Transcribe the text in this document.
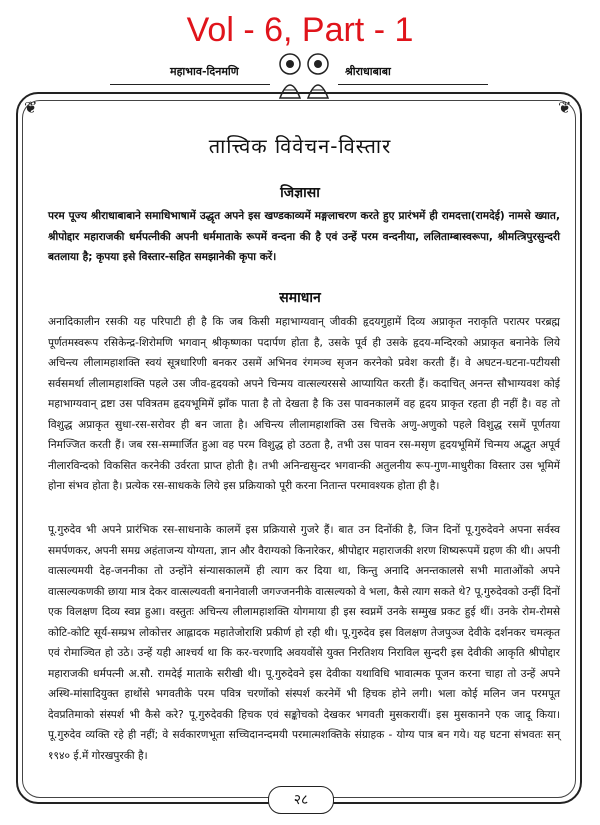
Vol - 6, Part - 1
महाभाव-दिनमणि	श्रीराधाबाबा
❦	❦
तात्त्विक विवेचन-विस्तार
जिज्ञासा

परम पूज्य श्रीराधाबाबाने समाधिभाषामें उद्धृत अपने इस खण्डकाव्यमें मङ्गलाचरण करते हुए प्रारंभमें ही रामदत्ता(रामदेई) नामसे ख्यात, श्रीपोद्दार महाराजकी धर्मपत्नीकी अपनी धर्ममाताके रूपमें वन्दना की है एवं उन्हें परम वन्दनीया, ललिताम्बास्वरूपा, श्रीमत्त्रिपुरसुन्दरी बतलाया है; कृपया इसे विस्तार-सहित समझानेकी कृपा करें।

समाधान

अनादिकालीन रसकी यह परिपाटी ही है कि जब किसी महाभाग्यवान् जीवकी हृदयगुहामें दिव्य अप्राकृत नराकृति परात्पर परब्रह्म पूर्णतमस्वरूप रसिकेन्द्र-शिरोमणि भगवान् श्रीकृष्णका पदार्पण होता है, उसके पूर्व ही उसके हृदय-मन्दिरको अप्राकृत बनानेके लिये अचिन्त्य लीलामहाशक्ति स्वयं सूत्रधारिणी बनकर उसमें अभिनव रंगमञ्च सृजन करनेको प्रवेश करती हैं। वे अघटन-घटना-पटीयसी सर्वसमर्था लीलामहाशक्ति पहले उस जीव-हृदयको अपने चिन्मय वात्सल्यरससे आप्यायित करती हैं। कदाचित् अनन्त सौभाग्यवश कोई महाभाग्यवान् द्रष्टा उस पवित्रतम हृदयभूमिमें झाँक पाता है तो देखता है कि उस पावनकालमें वह हृदय प्राकृत रहता ही नहीं है। वह तो विशुद्ध अप्राकृत सुधा-रस-सरोवर ही बन जाता है। अचिन्त्य लीलामहाशक्ति उस चित्तके अणु-अणुको पहले विशुद्ध रसमें पूर्णतया निमज्जित करती हैं। जब रस-सम्मार्जित हुआ वह परम विशुद्ध हो उठता है, तभी उस पावन रस-मसृण हृदयभूमिमें चिन्मय अद्भुत अपूर्व नीलारविन्दको विकसित करनेकी उर्वरता प्राप्त होती है। तभी अनिन्द्यसुन्दर भगवान्की अतुलनीय रूप-गुण-माधुरीका विस्तार उस भूमिमें होना संभव होता है। प्रत्येक रस-साधकके लिये इस प्रक्रियाको पूरी करना नितान्त परमावश्यक होता ही है।

पू.गुरुदेव भी अपने प्रारंभिक रस-साधनाके कालमें इस प्रक्रियासे गुजरे हैं। बात उन दिनोंकी है, जिन दिनों पू.गुरुदेवने अपना सर्वस्व समर्पणकर, अपनी समग्र अहंताजन्य योग्यता, ज्ञान और वैराग्यको किनारेकर, श्रीपोद्दार महाराजकी शरण शिष्यरूपमें ग्रहण की थी। अपनी वात्सल्यमयी देह-जननीका तो उन्होंने संन्यासकालमें ही त्याग कर दिया था, किन्तु अनादि अनन्तकालसे सभी माताओंको अपने वात्सल्यकणकी छाया मात्र देकर वात्सल्यवती बनानेवाली जगज्जननीके वात्सल्यको वे भला, कैसे त्याग सकते थे? पू.गुरुदेवको उन्हीं दिनों एक विलक्षण दिव्य स्वप्न हुआ। वस्तुतः अचिन्त्य लीलामहाशक्ति योगमाया ही इस स्वप्नमें उनके सम्मुख प्रकट हुई थीं। उनके रोम-रोमसे कोटि-कोटि सूर्य-सम्प्रभ लोकोत्तर आह्लादक महातेजोराशि प्रकीर्ण हो रही थी। पू.गुरुदेव इस विलक्षण तेजपुञ्ज देवीके दर्शनकर चमत्कृत एवं रोमाञ्चित हो उठे। उन्हें यही आश्चर्य था कि कर-चरणादि अवयवोंसे युक्त निरतिशय निराविल सुन्दरी इस देवीकी आकृति श्रीपोद्दार महाराजकी धर्मपत्नी अ.सौ. रामदेई माताके सरीखी थी। पू.गुरुदेवने इस देवीका यथाविधि भावात्मक पूजन करना चाहा तो उन्हें अपने अस्थि-मांसादियुक्त हाथोंसे भगवतीके परम पवित्र चरणोंको संस्पर्श करनेमें भी हिचक होने लगी। भला कोई मलिन जन परमपूत देवप्रतिमाको संस्पर्श भी कैसे करे? पू.गुरुदेवकी हिचक एवं सङ्कोचको देखकर भगवती मुसकरायीं। इस मुसकानने एक जादू किया। पू.गुरुदेव व्यक्ति रहे ही नहीं; वे सर्वकारणभूता सच्चिदानन्दमयी परमात्मशक्तिके संग्राहक - योग्य पात्र बन गये। यह घटना संभवतः सन् १९४० ई.में गोरखपुरकी है।

२८
